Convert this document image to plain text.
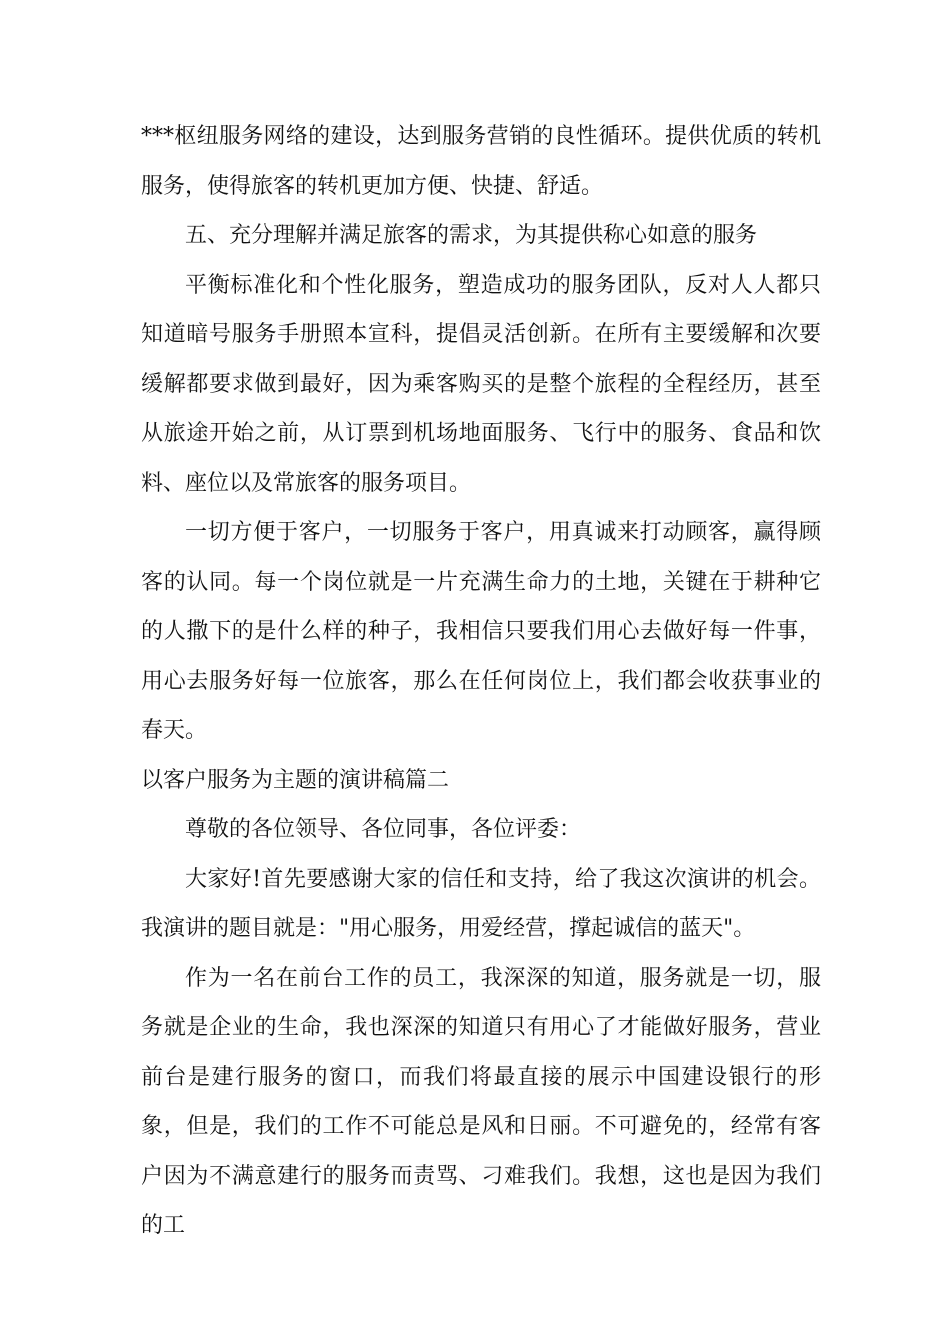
***枢纽服务网络的建设，达到服务营销的良性循环。提供优质的转机服务，使得旅客的转机更加方便、快捷、舒适。

五、充分理解并满足旅客的需求，为其提供称心如意的服务

平衡标准化和个性化服务，塑造成功的服务团队，反对人人都只知道暗号服务手册照本宣科，提倡灵活创新。在所有主要缓解和次要缓解都要求做到最好，因为乘客购买的是整个旅程的全程经历，甚至从旅途开始之前，从订票到机场地面服务、飞行中的服务、食品和饮料、座位以及常旅客的服务项目。

一切方便于客户，一切服务于客户，用真诚来打动顾客，赢得顾客的认同。每一个岗位就是一片充满生命力的土地，关键在于耕种它的人撒下的是什么样的种子，我相信只要我们用心去做好每一件事，用心去服务好每一位旅客，那么在任何岗位上，我们都会收获事业的春天。

以客户服务为主题的演讲稿篇二

尊敬的各位领导、各位同事，各位评委：

大家好!首先要感谢大家的信任和支持，给了我这次演讲的机会。我演讲的题目就是："用心服务，用爱经营，撑起诚信的蓝天"。

作为一名在前台工作的员工，我深深的知道，服务就是一切，服务就是企业的生命，我也深深的知道只有用心了才能做好服务，营业前台是建行服务的窗口，而我们将最直接的展示中国建设银行的形象，但是，我们的工作不可能总是风和日丽。不可避免的，经常有客户因为不满意建行的服务而责骂、刁难我们。我想，这也是因为我们的工
